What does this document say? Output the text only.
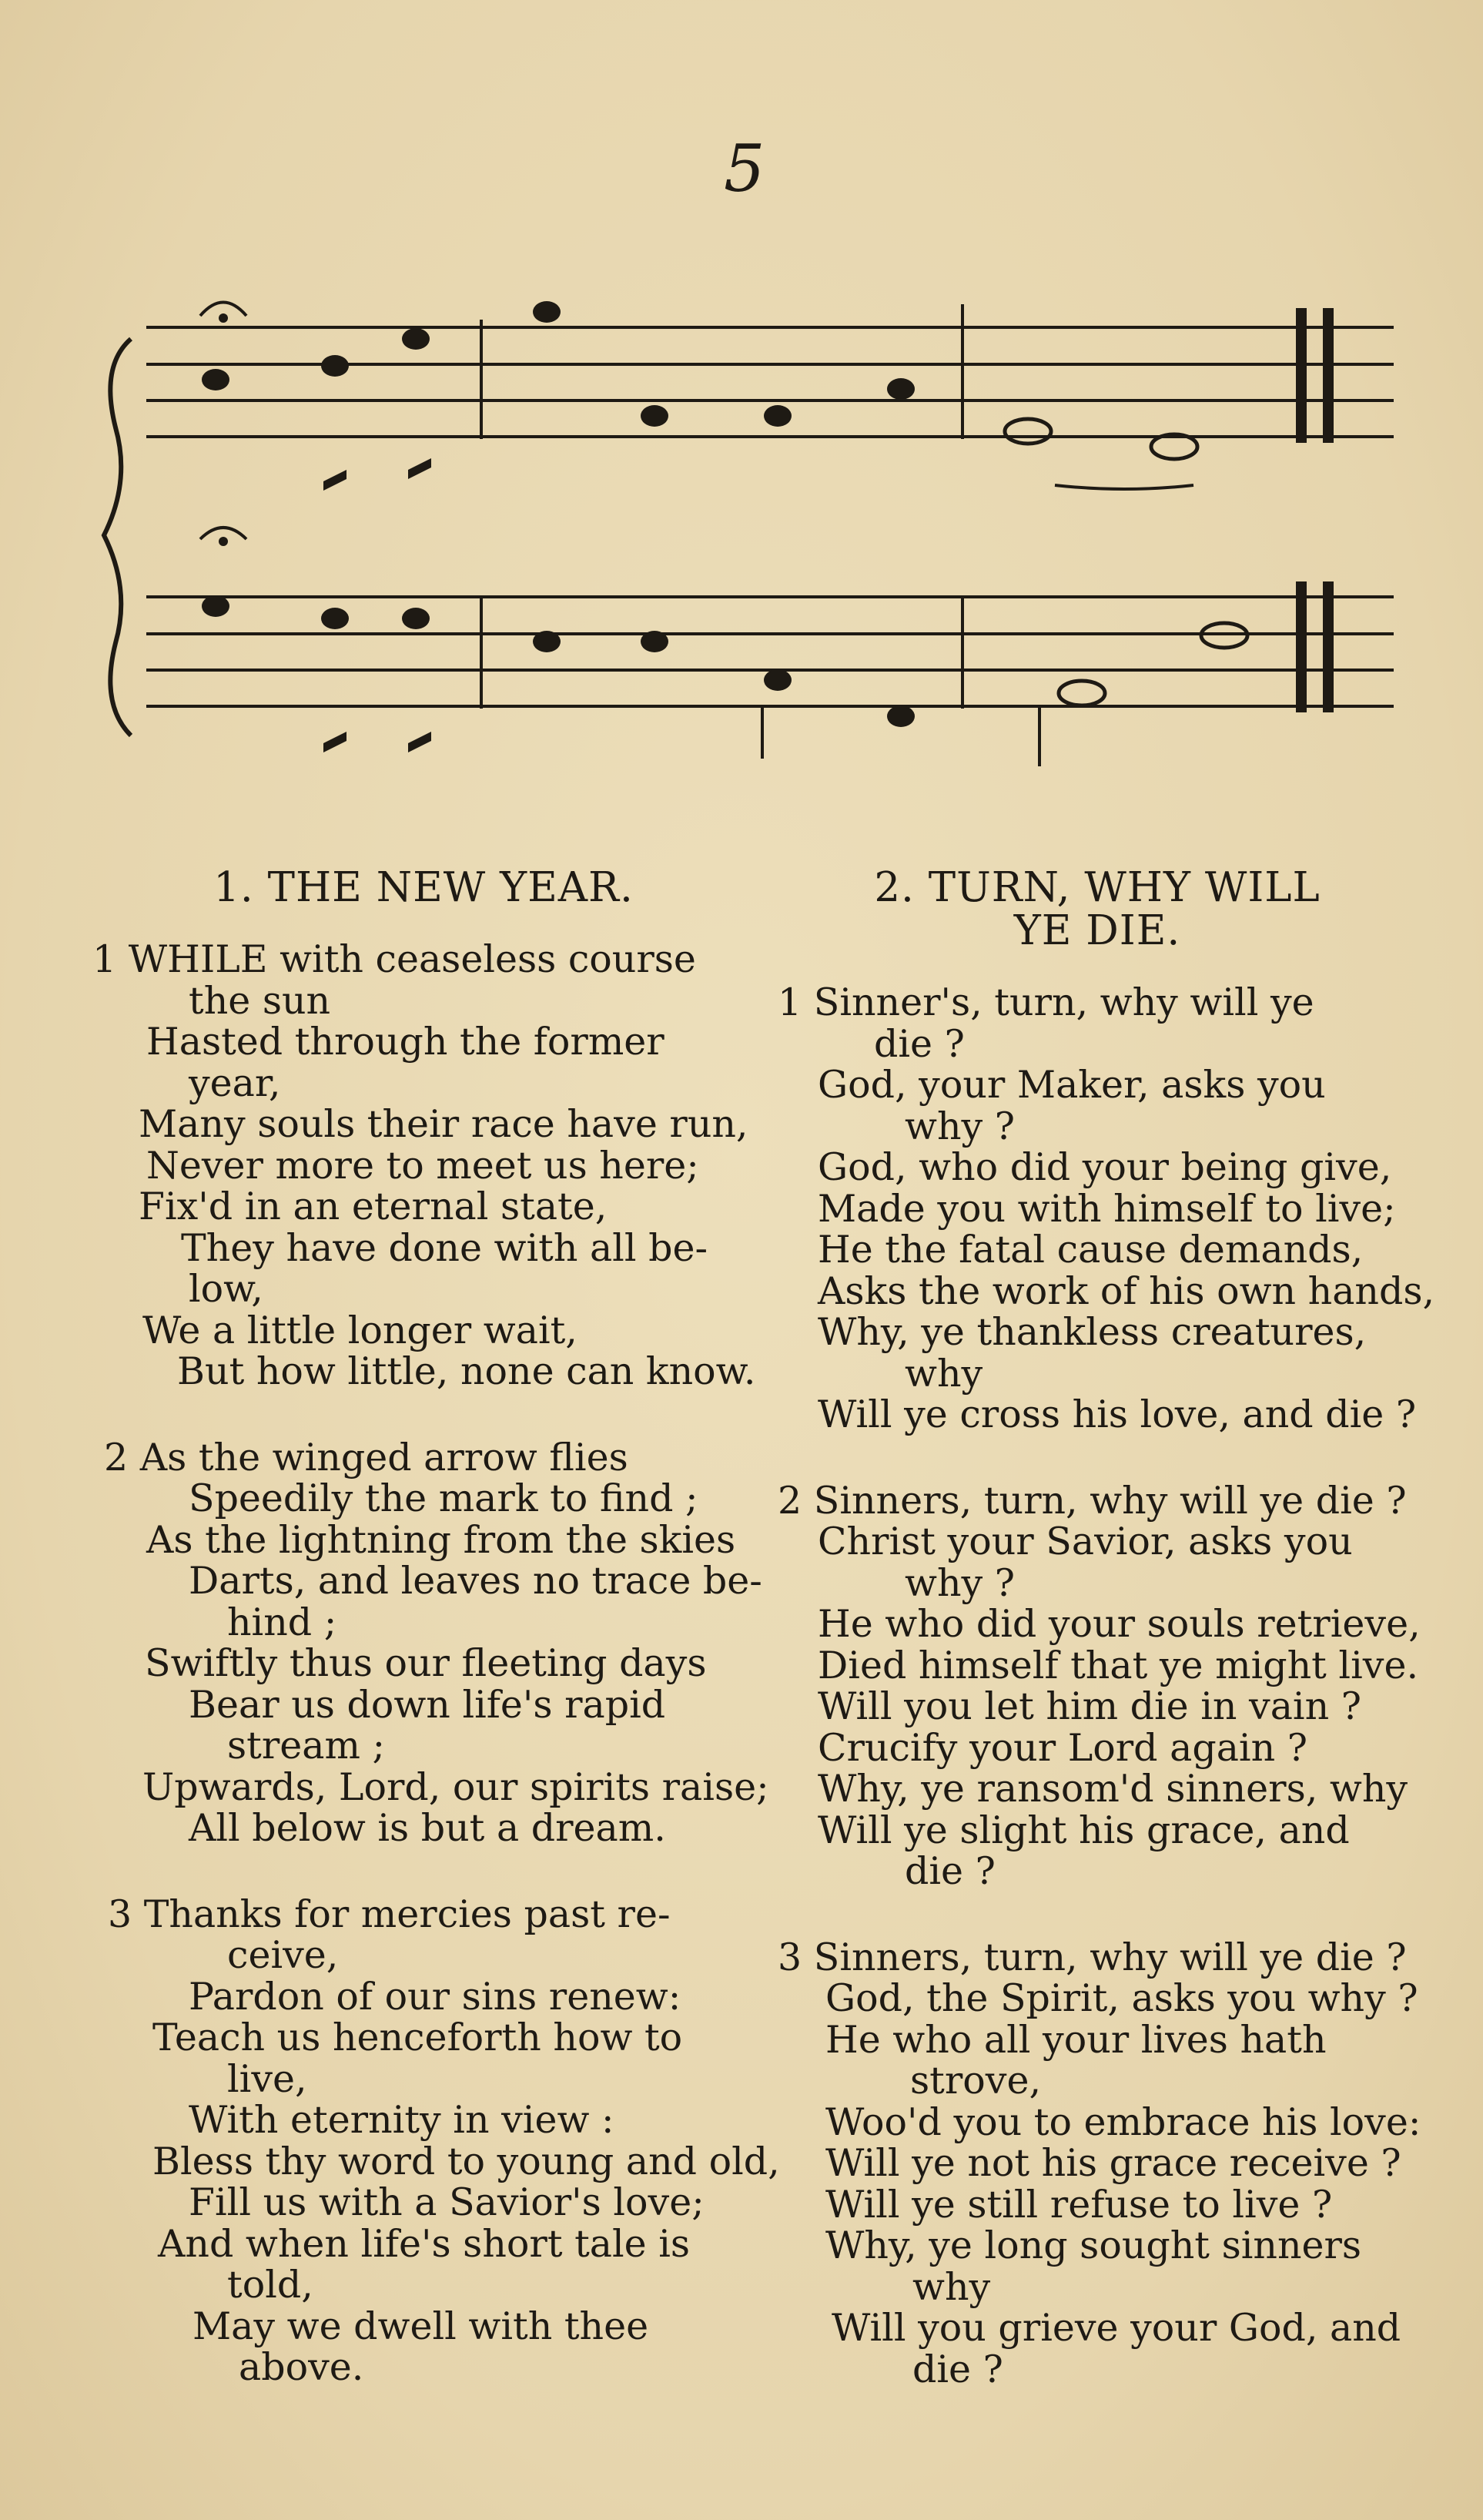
5
1. THE NEW YEAR.
1 WHILE with ceaseless course
the sun
Hasted through the former
year,
Many souls their race have run,
Never more to meet us here;
Fix'd in an eternal state,
They have done with all be-
low,
We a little longer wait,
But how little, none can know.
2 As the winged arrow flies
Speedily the mark to find ;
As the lightning from the skies
Darts, and leaves no trace be-
hind ;
Swiftly thus our fleeting days
Bear us down life's rapid
stream ;
Upwards, Lord, our spirits raise;
All below is but a dream.
3 Thanks for mercies past re-
ceive,
Pardon of our sins renew:
Teach us henceforth how to
live,
With eternity in view :
Bless thy word to young and old,
Fill us with a Savior's love;
And when life's short tale is
told,
May we dwell with thee
above.
2. TURN, WHY WILL
YE DIE.
1 Sinner's, turn, why will ye
die ?
God, your Maker, asks you
why ?
God, who did your being give,
Made you with himself to live;
He the fatal cause demands,
Asks the work of his own hands,
Why, ye thankless creatures,
why
Will ye cross his love, and die ?
2 Sinners, turn, why will ye die ?
Christ your Savior, asks you
why ?
He who did your souls retrieve,
Died himself that ye might live.
Will you let him die in vain ?
Crucify your Lord again ?
Why, ye ransom'd sinners, why
Will ye slight his grace, and
die ?
3 Sinners, turn, why will ye die ?
God, the Spirit, asks you why ?
He who all your lives hath
strove,
Woo'd you to embrace his love:
Will ye not his grace receive ?
Will ye still refuse to live ?
Why, ye long sought sinners
why
Will you grieve your God, and
die ?
